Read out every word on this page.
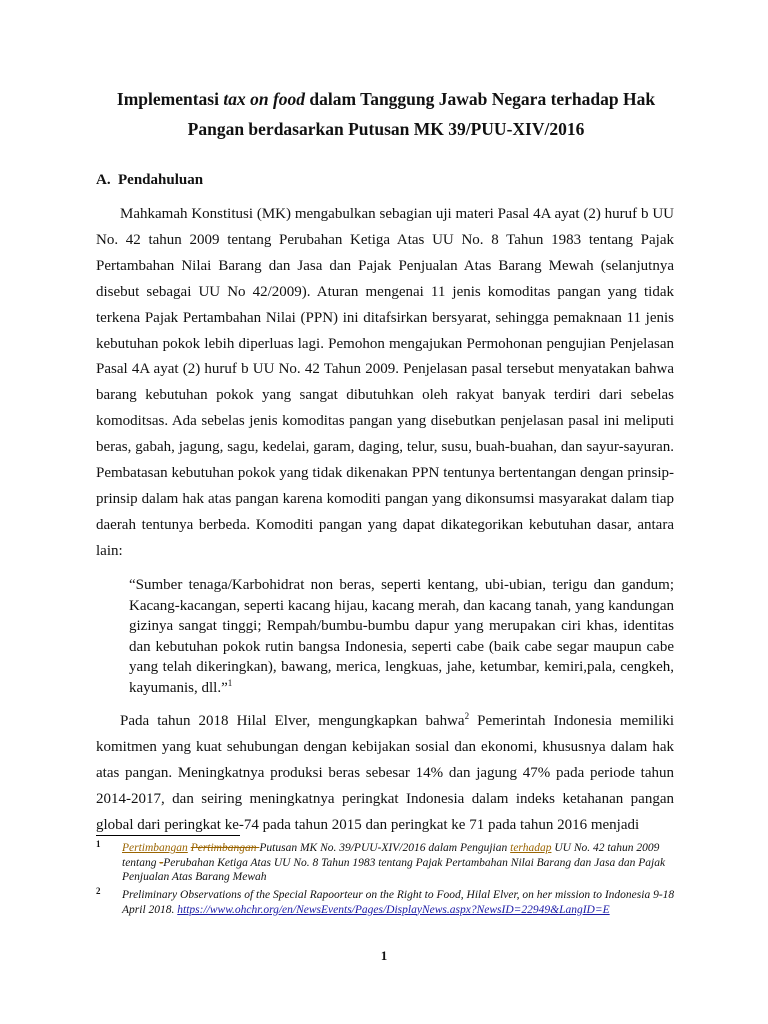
Implementasi tax on food dalam Tanggung Jawab Negara terhadap Hak
Pangan berdasarkan Putusan MK 39/PUU-XIV/2016
A. Pendahuluan

Mahkamah Konstitusi (MK) mengabulkan sebagian uji materi Pasal 4A ayat (2) huruf b UU No. 42 tahun 2009 tentang Perubahan Ketiga Atas UU No. 8 Tahun 1983 tentang Pajak Pertambahan Nilai Barang dan Jasa dan Pajak Penjualan Atas Barang Mewah (selanjutnya disebut sebagai UU No 42/2009). Aturan mengenai 11 jenis komoditas pangan yang tidak terkena Pajak Pertambahan Nilai (PPN) ini ditafsirkan bersyarat, sehingga pemaknaan 11 jenis kebutuhan pokok lebih diperluas lagi. Pemohon mengajukan Permohonan pengujian Penjelasan Pasal 4A ayat (2) huruf b UU No. 42 Tahun 2009. Penjelasan pasal tersebut menyatakan bahwa barang kebutuhan pokok yang sangat dibutuhkan oleh rakyat banyak terdiri dari sebelas komoditsas. Ada sebelas jenis komoditas pangan yang disebutkan penjelasan pasal ini meliputi beras, gabah, jagung, sagu, kedelai, garam, daging, telur, susu, buah-buahan, dan sayur-sayuran. Pembatasan kebutuhan pokok yang tidak dikenakan PPN tentunya bertentangan dengan prinsip-prinsip dalam hak atas pangan karena komoditi pangan yang dikonsumsi masyarakat dalam tiap daerah tentunya berbeda. Komoditi pangan yang dapat dikategorikan kebutuhan dasar, antara lain:

“Sumber tenaga/Karbohidrat non beras, seperti kentang, ubi-ubian, terigu dan gandum; Kacang-kacangan, seperti kacang hijau, kacang merah, dan kacang tanah, yang kandungan gizinya sangat tinggi; Rempah/bumbu-bumbu dapur yang merupakan ciri khas, identitas dan kebutuhan pokok rutin bangsa Indonesia, seperti cabe (baik cabe segar maupun cabe yang telah dikeringkan), bawang, merica, lengkuas, jahe, ketumbar, kemiri,pala, cengkeh, kayumanis, dll.”$^1$

Pada tahun 2018 Hilal Elver, mengungkapkan bahwa$^2$ Pemerintah Indonesia memiliki komitmen yang kuat sehubungan dengan kebijakan sosial dan ekonomi, khususnya dalam hak atas pangan. Meningkatnya produksi beras sebesar 14% dan jagung 47% pada periode tahun 2014-2017, dan seiring meningkatnya peringkat Indonesia dalam indeks ketahanan pangan global dari peringkat ke-74 pada tahun 2015 dan peringkat ke 71 pada tahun 2016 menjadi

1 Pertimbangan Pertimbangan Putusan MK No. 39/PUU-XIV/2016 dalam Pengujian terhadap UU No. 42 tahun 2009 tentang -Perubahan Ketiga Atas UU No. 8 Tahun 1983 tentang Pajak Pertambahan Nilai Barang dan Jasa dan Pajak Penjualan Atas Barang Mewah
2 Preliminary Observations of the Special Rapoorteur on the Right to Food, Hilal Elver, on her mission to Indonesia 9-18 April 2018. https://www.ohchr.org/en/NewsEvents/Pages/DisplayNews.aspx?NewsID=22949&LangID=E
1
